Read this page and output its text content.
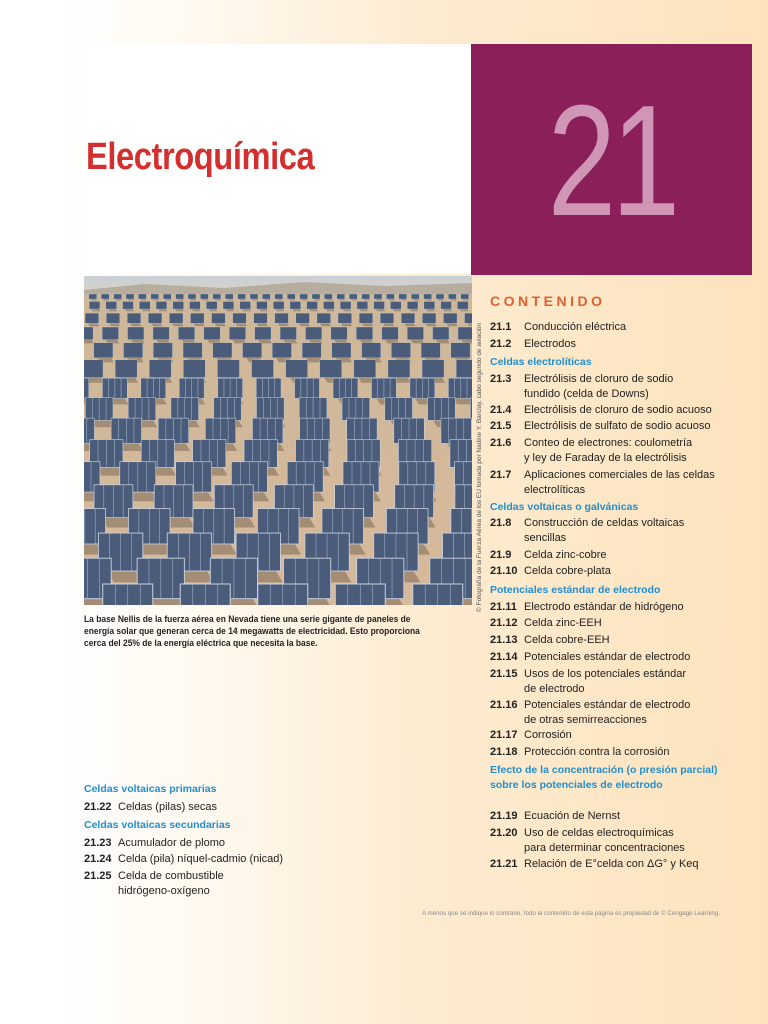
21
Electroquímica
© Fotografía de la Fuerza Aérea de los EU tomada por Nadine Y. Barclay, cabo segundo de aviación
La base Nellis de la fuerza aérea en Nevada tiene una serie gigante de paneles de energía solar que generan cerca de 14 megawatts de electricidad. Esto proporciona cerca del 25% de la energía eléctrica que necesita la base.
CONTENIDO
21.1 Conducción eléctrica
21.2 Electrodos
Celdas electrolíticas
21.3 Electrólisis de cloruro de sodio
fundido (celda de Downs)
21.4 Electrólisis de cloruro de sodio acuoso
21.5 Electrólisis de sulfato de sodio acuoso
21.6 Conteo de electrones: coulometría
y ley de Faraday de la electrólisis
21.7 Aplicaciones comerciales de las celdas
electrolíticas
Celdas voltaicas o galvánicas
21.8 Construcción de celdas voltaicas
sencillas
21.9 Celda zinc-cobre
21.10 Celda cobre-plata
Potenciales estándar de electrodo
21.11 Electrodo estándar de hidrógeno
21.12 Celda zinc-EEH
21.13 Celda cobre-EEH
21.14 Potenciales estándar de electrodo
21.15 Usos de los potenciales estándar
de electrodo
21.16 Potenciales estándar de electrodo
de otras semirreacciones
21.17 Corrosión
21.18 Protección contra la corrosión
Efecto de la concentración (o presión parcial) sobre los potenciales de electrodo
21.19 Ecuación de Nernst
21.20 Uso de celdas electroquímicas
para determinar concentraciones
21.21 Relación de E°celda con ΔG° y Keq
Celdas voltaicas primarias
21.22 Celdas (pilas) secas
Celdas voltaicas secundarias
21.23 Acumulador de plomo
21.24 Celda (pila) níquel-cadmio (nicad)
21.25 Celda de combustible
hidrógeno-oxígeno
A menos que se indique lo contrario, todo el contenido de esta página es propiedad de © Cengage Learning.
